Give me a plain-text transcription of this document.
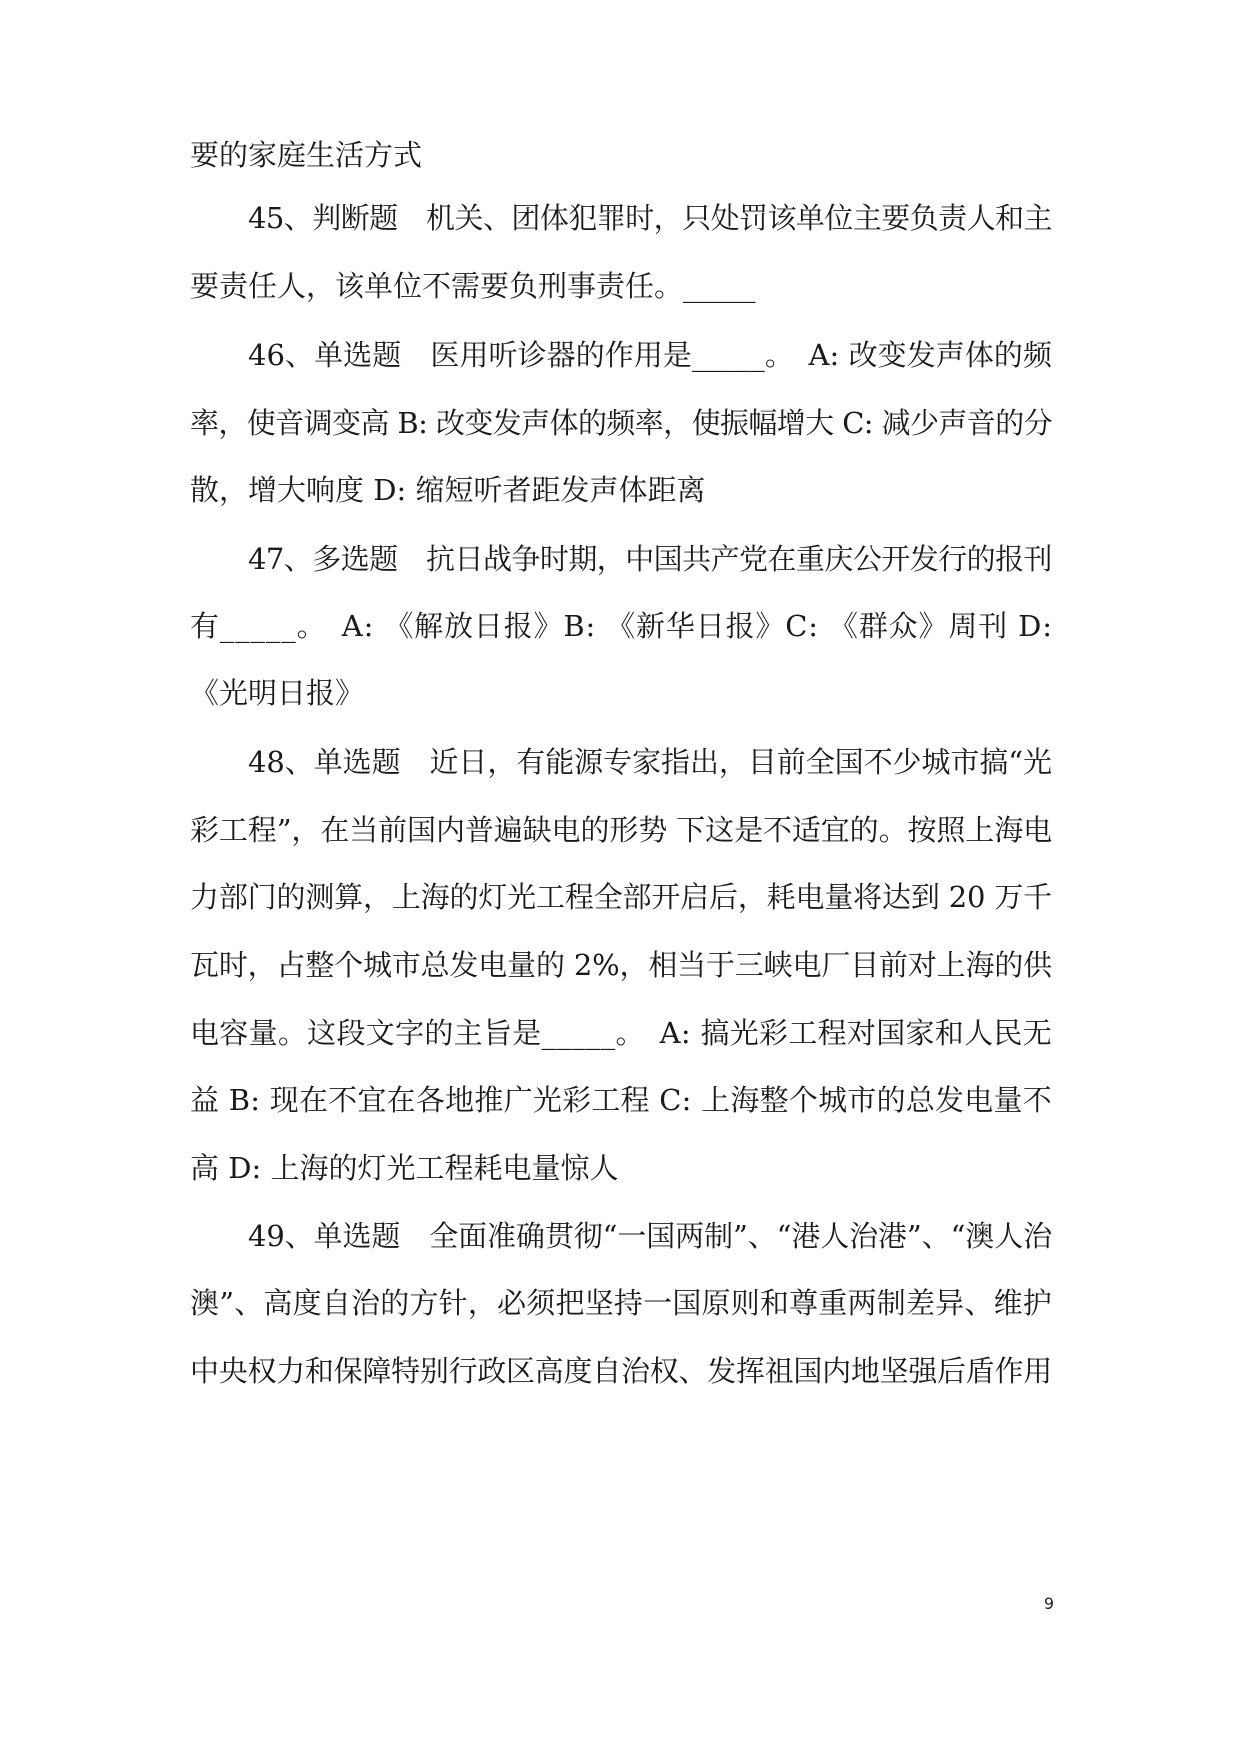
要的家庭生活方式
45、判断题　机关、团体犯罪时，只处罚该单位主要负责人和主
要责任人，该单位不需要负刑事责任。_____
46、单选题　医用听诊器的作用是_____。　A: 改变发声体的频
率，使音调变高 B: 改变发声体的频率，使振幅增大 C: 减少声音的分
散，增大响度 D: 缩短听者距发声体距离
47、多选题　抗日战争时期，中国共产党在重庆公开发行的报刊
有_____。　A: 《解放日报》B: 《新华日报》C: 《群众》周刊 D:
《光明日报》
48、单选题　近日，有能源专家指出，目前全国不少城市搞“光
彩工程”，在当前国内普遍缺电的形势 下这是不适宜的。按照上海电
力部门的测算，上海的灯光工程全部开启后，耗电量将达到 20 万千
瓦时，占整个城市总发电量的 2%，相当于三峡电厂目前对上海的供
电容量。这段文字的主旨是_____。　A: 搞光彩工程对国家和人民无
益 B: 现在不宜在各地推广光彩工程 C: 上海整个城市的总发电量不
高 D: 上海的灯光工程耗电量惊人
49、单选题　全面准确贯彻“一国两制”、“港人治港”、“澳人治
澳”、高度自治的方针，必须把坚持一国原则和尊重两制差异、维护
中央权力和保障特别行政区高度自治权、发挥祖国内地坚强后盾作用
9
